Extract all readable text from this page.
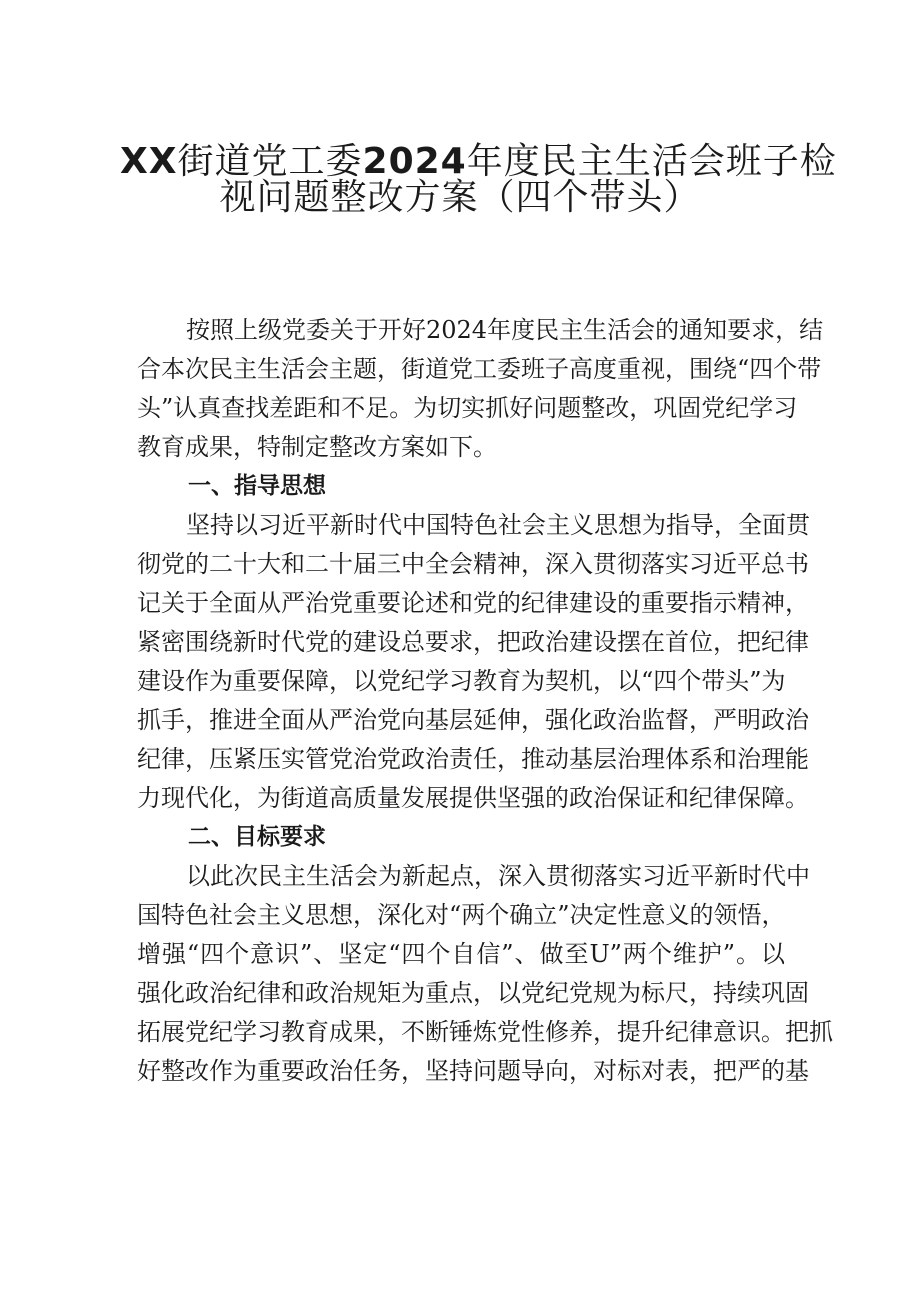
XX街道党工委2024年度民主生活会班子检
视问题整改方案（四个带头）
按照上级党委关于开好2024年度民主生活会的通知要求，结
合本次民主生活会主题，街道党工委班子高度重视，围绕“四个带
头”认真查找差距和不足。为切实抓好问题整改，巩固党纪学习
教育成果，特制定整改方案如下。
一、指导思想
坚持以习近平新时代中国特色社会主义思想为指导，全面贯
彻党的二十大和二十届三中全会精神，深入贯彻落实习近平总书
记关于全面从严治党重要论述和党的纪律建设的重要指示精神，
紧密围绕新时代党的建设总要求，把政治建设摆在首位，把纪律
建设作为重要保障，以党纪学习教育为契机，以“四个带头”为
抓手，推进全面从严治党向基层延伸，强化政治监督，严明政治
纪律，压紧压实管党治党政治责任，推动基层治理体系和治理能
力现代化，为街道高质量发展提供坚强的政治保证和纪律保障。
二、目标要求
以此次民主生活会为新起点，深入贯彻落实习近平新时代中
国特色社会主义思想，深化对“两个确立”决定性意义的领悟，
增强“四个意识”、坚定“四个自信”、做至U”两个维护”。以
强化政治纪律和政治规矩为重点，以党纪党规为标尺，持续巩固
拓展党纪学习教育成果，不断锤炼党性修养，提升纪律意识。把抓
好整改作为重要政治任务，坚持问题导向，对标对表，把严的基
